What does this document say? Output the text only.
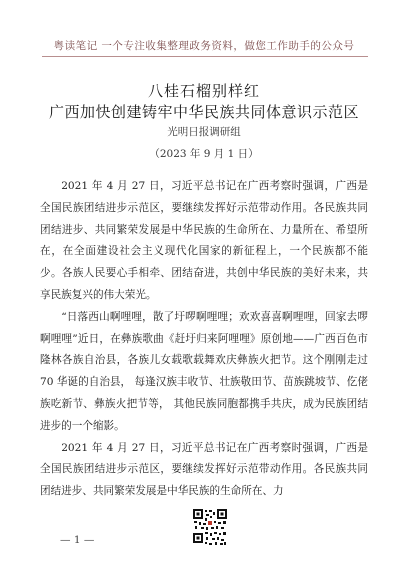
粤读笔记 一个专注收集整理政务资料，做您工作助手的公众号
八桂石榴别样红
广西加快创建铸牢中华民族共同体意识示范区
光明日报调研组
（2023 年 9 月 1 日）

2021 年 4 月 27 日，习近平总书记在广西考察时强调，广西是全国民族团结进步示范区，要继续发挥好示范带动作用。各民族共同团结进步、共同繁荣发展是中华民族的生命所在、力量所在、希望所在，在全面建设社会主义现代化国家的新征程上，一个民族都不能少。各族人民要心手相牵、团结奋进，共创中华民族的美好未来，共享民族复兴的伟大荣光。

“日落西山啊哩哩，散了圩啰啊哩哩；欢欢喜喜啊哩哩，回家去啰啊哩哩”近日，在彝族歌曲《赶圩归来阿哩哩》原创地——广西百色市隆林各族自治县，各族儿女载歌载舞欢庆彝族火把节。这个刚刚走过 70 华诞的自治县， 每逢汉族丰收节、壮族敬田节、苗族跳坡节、仡佬族吃新节、彝族火把节等， 其他民族同胞都携手共庆，成为民族团结进步的一个缩影。

2021 年 4 月 27 日，习近平总书记在广西考察时强调，广西是全国民族团结进步示范区，要继续发挥好示范带动作用。各民族共同团结进步、共同繁荣发展是中华民族的生命所在、力

— 1 —
